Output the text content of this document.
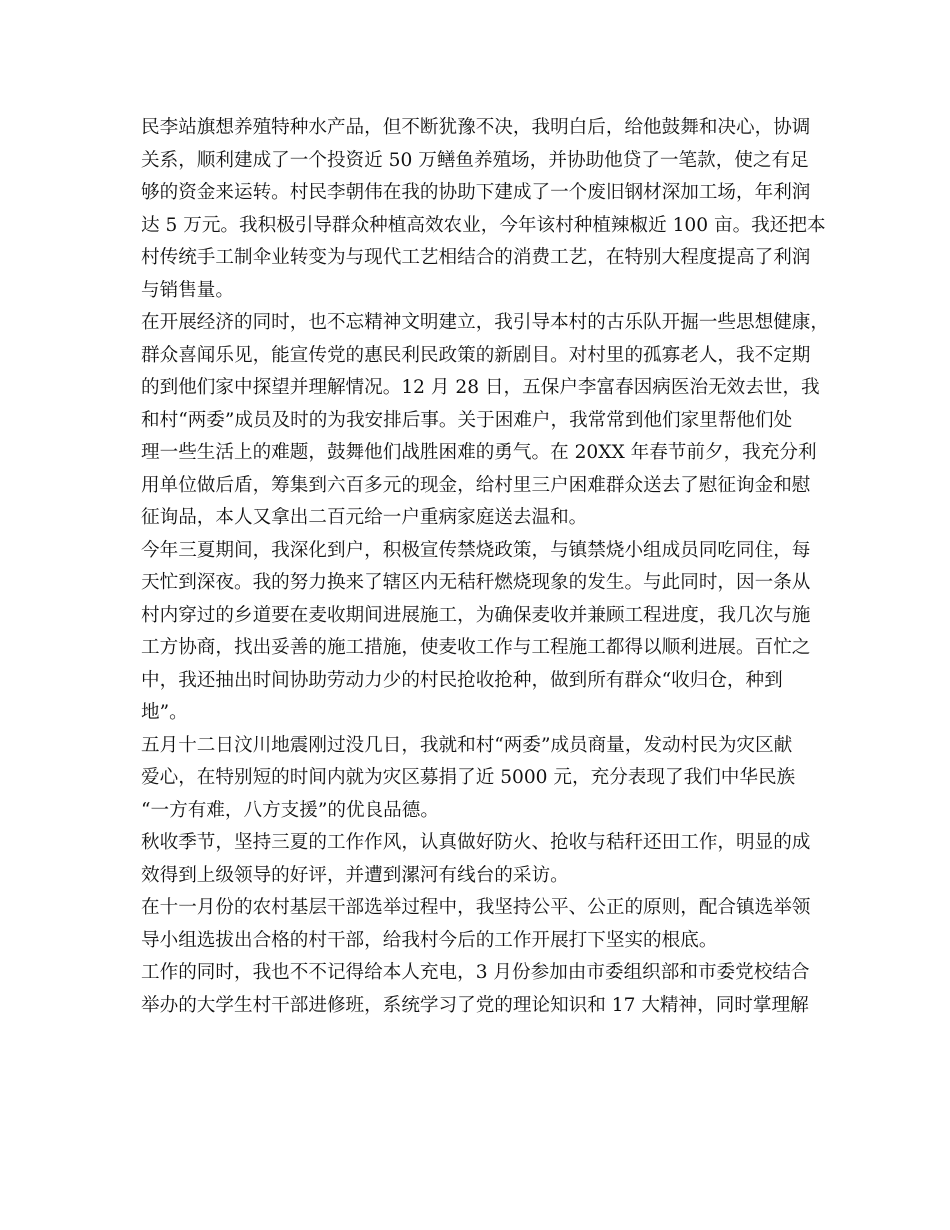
民李站旗想养殖特种水产品，但不断犹豫不决，我明白后，给他鼓舞和决心，协调
关系，顺利建成了一个投资近 50 万鳝鱼养殖场，并协助他贷了一笔款，使之有足
够的资金来运转。村民李朝伟在我的协助下建成了一个废旧钢材深加工场，年利润
达 5 万元。我积极引导群众种植高效农业，今年该村种植辣椒近 100 亩。我还把本
村传统手工制伞业转变为与现代工艺相结合的消费工艺，在特别大程度提高了利润
与销售量。
在开展经济的同时，也不忘精神文明建立，我引导本村的古乐队开掘一些思想健康，
群众喜闻乐见，能宣传党的惠民利民政策的新剧目。对村里的孤寡老人，我不定期
的到他们家中探望并理解情况。12 月 28 日，五保户李富春因病医治无效去世，我
和村“两委”成员及时的为我安排后事。关于困难户，我常常到他们家里帮他们处
理一些生活上的难题，鼓舞他们战胜困难的勇气。在 20XX 年春节前夕，我充分利
用单位做后盾，筹集到六百多元的现金，给村里三户困难群众送去了慰征询金和慰
征询品，本人又拿出二百元给一户重病家庭送去温和。
今年三夏期间，我深化到户，积极宣传禁烧政策，与镇禁烧小组成员同吃同住，每
天忙到深夜。我的努力换来了辖区内无秸秆燃烧现象的发生。与此同时，因一条从
村内穿过的乡道要在麦收期间进展施工，为确保麦收并兼顾工程进度，我几次与施
工方协商，找出妥善的施工措施，使麦收工作与工程施工都得以顺利进展。百忙之
中，我还抽出时间协助劳动力少的村民抢收抢种，做到所有群众“收归仓，种到
地”。
五月十二日汶川地震刚过没几日，我就和村“两委”成员商量，发动村民为灾区献
爱心，在特别短的时间内就为灾区募捐了近 5000 元，充分表现了我们中华民族
“一方有难，八方支援”的优良品德。
秋收季节，坚持三夏的工作作风，认真做好防火、抢收与秸秆还田工作，明显的成
效得到上级领导的好评，并遭到漯河有线台的采访。
在十一月份的农村基层干部选举过程中，我坚持公平、公正的原则，配合镇选举领
导小组选拔出合格的村干部，给我村今后的工作开展打下坚实的根底。
工作的同时，我也不不记得给本人充电，3 月份参加由市委组织部和市委党校结合
举办的大学生村干部进修班，系统学习了党的理论知识和 17 大精神，同时掌理解
